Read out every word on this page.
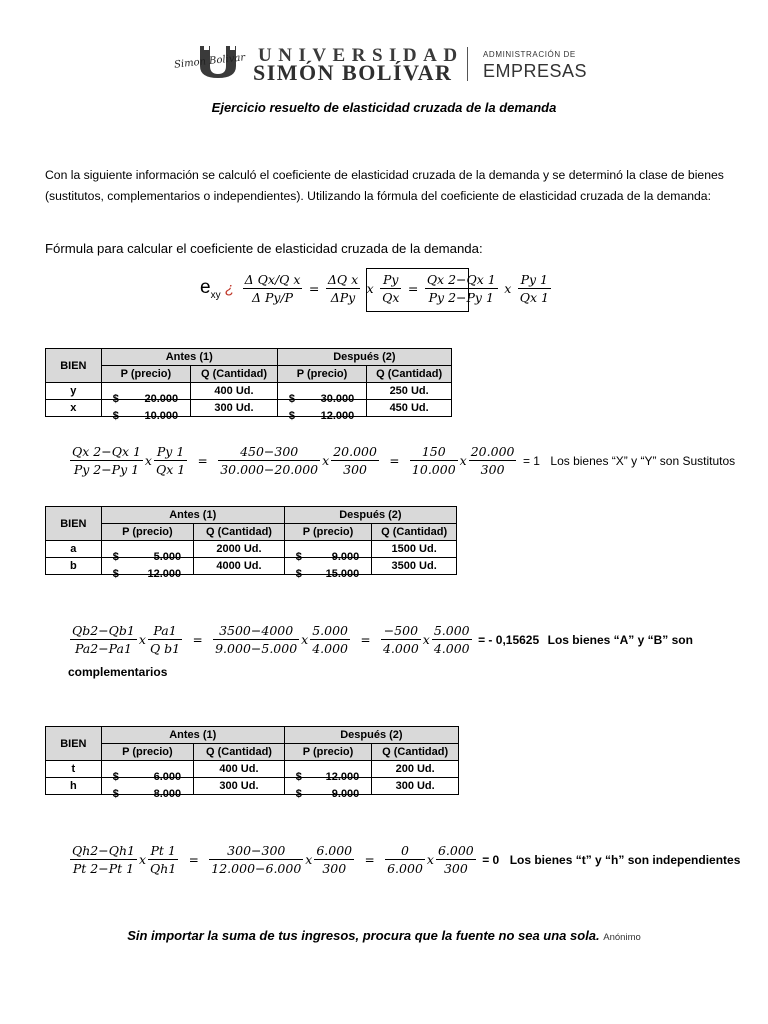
Simon Bolivar UNIVERSIDAD
SIMÓN BOLÍVAR
ADMINISTRACIÓN DE
EMPRESAS
Ejercicio resuelto de elasticidad cruzada de la demanda
Con la siguiente información se calculó el coeficiente de elasticidad cruzada de la demanda y se determinó la clase de bienes (sustitutos, complementarios o independientes). Utilizando la fórmula del coeficiente de elasticidad cruzada de la demanda:
Fórmula para calcular el coeficiente de elasticidad cruzada de la demanda:
$e_{xy}$ ¿ $\frac{\text{Δ Qx/Q x}}{\text{Δ Py/P}} = \frac{\text{ΔQ x}}{\text{ΔPy}}$ x $\frac{Py}{Qx} = \frac{Qx 2-Qx 1}{Py 2-Py 1}$ x $\frac{Py 1}{Qx 1}$
BIEN	Antes (1)		Después (2)	
	P (precio)	Q (Cantidad)	P (precio)	Q (Cantidad)
y	$ 20.000	400 Ud.	$ 30.000	250 Ud.
x	$ 10.000	300 Ud.	$ 12.000	450 Ud.
$\frac{Qx 2-Qx 1}{Py 2-Py 1}$ x $\frac{Py 1}{Qx 1} = \frac{450-300}{30.000-20.000}$ x $\frac{20.000}{300} = \frac{150}{10.000}$ x $\frac{20.000}{300} = 1$ Los bienes “X” y “Y” son Sustitutos
BIEN	Antes (1)		Después (2)	
	P (precio)	Q (Cantidad)	P (precio)	Q (Cantidad)
a	$ 5.000	2000 Ud.	$ 9.000	1500 Ud.
b	$ 12.000	4000 Ud.	$ 15.000	3500 Ud.
$\frac{Qb2-Qb1}{Pa2-Pa1}$ x $\frac{Pa1}{\text{Q b1}} = \frac{3500-4000}{9.000-5.000}$ x $\frac{5.000}{4.000} = \frac{-500}{4.000}$ x $\frac{5.000}{4.000}$ = - 0,15625 Los bienes “A” y “B” son
complementarios
BIEN	Antes (1)		Después (2)	
	P (precio)	Q (Cantidad)	P (precio)	Q (Cantidad)
t	$ 6.000	400 Ud.	$ 12.000	200 Ud.
h	$ 8.000	300 Ud.	$ 9.000	300 Ud.
$\frac{Qh2-Qh1}{Pt 2-Pt 1}$ x $\frac{Pt 1}{Qh1} = \frac{300-300}{12.000-6.000}$ x $\frac{6.000}{300} = \frac{0}{6.000}$ x $\frac{6.000}{300} = 0$ Los bienes “t” y “h” son independientes
Sin importar la suma de tus ingresos, procura que la fuente no sea una sola. Anónimo
